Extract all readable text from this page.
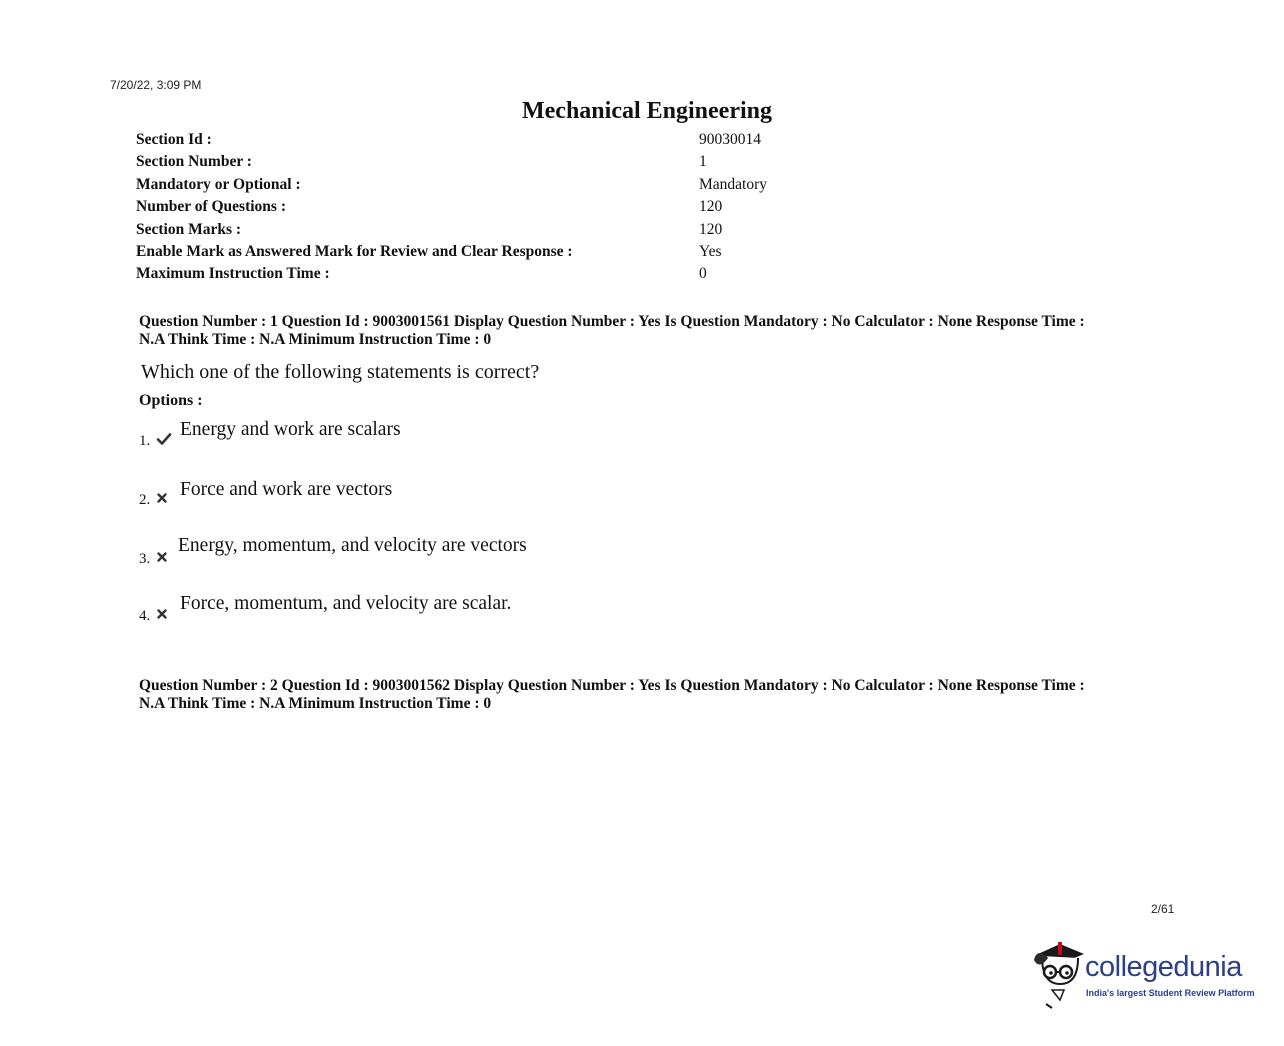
7/20/22, 3:09 PM
Mechanical Engineering
Section Id :	90030014
Section Number :	1
Mandatory or Optional :	Mandatory
Number of Questions :	120
Section Marks :	120
Enable Mark as Answered Mark for Review and Clear Response :	Yes
Maximum Instruction Time :	0
Question Number : 1 Question Id : 9003001561 Display Question Number : Yes Is Question Mandatory : No Calculator : None Response Time :
N.A Think Time : N.A Minimum Instruction Time : 0
Which one of the following statements is correct?
Options :
1.
Energy and work are scalars
2. Force and work are vectors
3.
Energy, momentum, and velocity are vectors
4.
Force, momentum, and velocity are scalar.
Question Number : 2 Question Id : 9003001562 Display Question Number : Yes Is Question Mandatory : No Calculator : None Response Time :
N.A Think Time : N.A Minimum Instruction Time : 0
2/61
collegedunia
India's largest Student Review Platform
